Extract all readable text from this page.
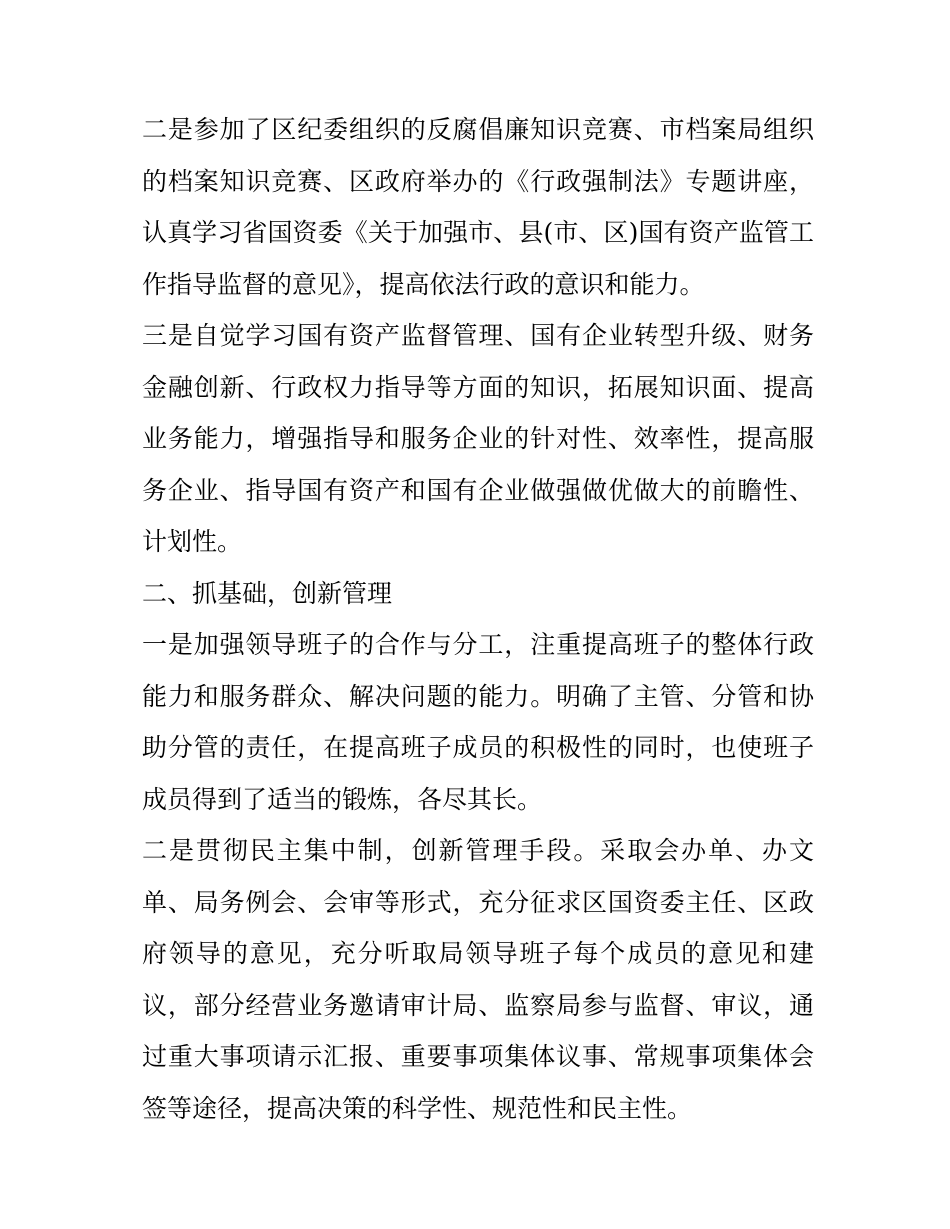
二是参加了区纪委组织的反腐倡廉知识竞赛、市档案局组织的档案知识竞赛、区政府举办的《行政强制法》专题讲座，认真学习省国资委《关于加强市、县(市、区)国有资产监管工作指导监督的意见》，提高依法行政的意识和能力。

三是自觉学习国有资产监督管理、国有企业转型升级、财务金融创新、行政权力指导等方面的知识，拓展知识面、提高业务能力，增强指导和服务企业的针对性、效率性，提高服务企业、指导国有资产和国有企业做强做优做大的前瞻性、计划性。

二、抓基础，创新管理

一是加强领导班子的合作与分工，注重提高班子的整体行政能力和服务群众、解决问题的能力。明确了主管、分管和协助分管的责任，在提高班子成员的积极性的同时，也使班子成员得到了适当的锻炼，各尽其长。

二是贯彻民主集中制，创新管理手段。采取会办单、办文单、局务例会、会审等形式，充分征求区国资委主任、区政府领导的意见，充分听取局领导班子每个成员的意见和建议，部分经营业务邀请审计局、监察局参与监督、审议，通过重大事项请示汇报、重要事项集体议事、常规事项集体会签等途径，提高决策的科学性、规范性和民主性。
